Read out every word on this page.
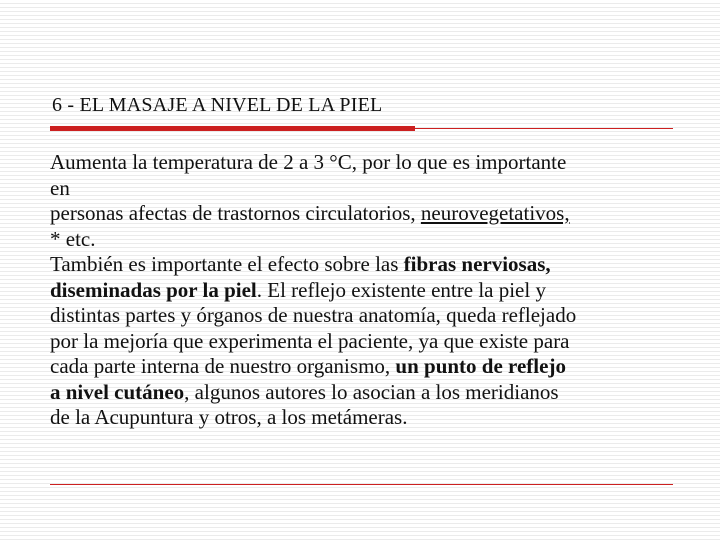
6 - EL MASAJE A NIVEL DE LA PIEL
Aumenta la temperatura de 2 a 3 °C, por lo que es importante
en
personas afectas de trastornos circulatorios, neurovegetativos,
* etc.
También es importante el efecto sobre las fibras nerviosas,
diseminadas por la piel. El reflejo existente entre la piel y
distintas partes y órganos de nuestra anatomía, queda reflejado
por la mejoría que experimenta el paciente, ya que existe para
cada parte interna de nuestro organismo, un punto de reflejo
a nivel cutáneo, algunos autores lo asocian a los meridianos
de la Acupuntura y otros, a los metámeras.
